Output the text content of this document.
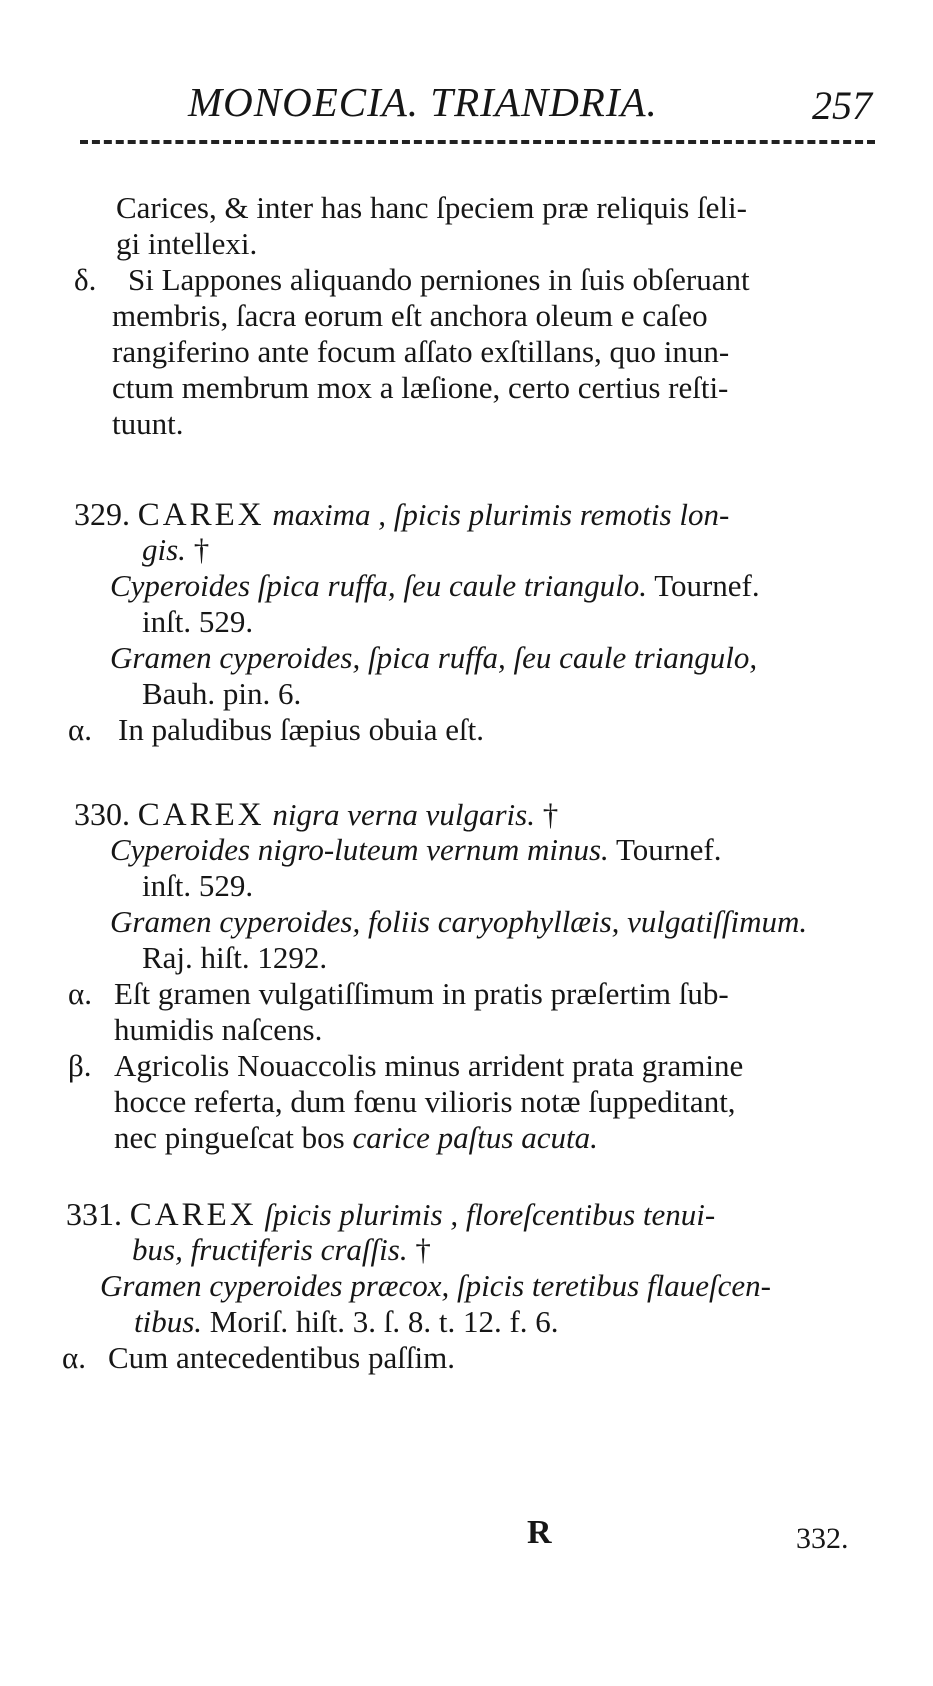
MONOECIA. TRIANDRIA.	257
Carices, & inter has hanc ſpeciem præ reliquis ſeli-
gi intellexi.
δ. Si Lappones aliquando perniones in ſuis obſeruant
membris, ſacra eorum eſt anchora oleum e caſeo
rangiferino ante focum aſſato exſtillans, quo inun-
ctum membrum mox a læſione, certo certius reſti-
tuunt.
329. CAREX maxima , ſpicis plurimis remotis lon-
gis. †
Cyperoides ſpica ruffa, ſeu caule triangulo. Tournef.
inſt. 529.
Gramen cyperoides, ſpica ruffa, ſeu caule triangulo,
Bauh. pin. 6.
α. In paludibus ſæpius obuia eſt.
330. CAREX nigra verna vulgaris. †
Cyperoides nigro-luteum vernum minus. Tournef.
inſt. 529.
Gramen cyperoides, foliis caryophyllæis, vulgatiſſimum.
Raj. hiſt. 1292.
α. Eſt gramen vulgatiſſimum in pratis præſertim ſub-
humidis naſcens.
β. Agricolis Nouaccolis minus arrident prata gramine
hocce referta, dum fœnu vilioris notæ ſuppeditant,
nec pingueſcat bos carice paſtus acuta.
331. CAREX ſpicis plurimis , floreſcentibus tenui-
bus, fructiferis craſſis. †
Gramen cyperoides præcox, ſpicis teretibus flaueſcen-
tibus. Moriſ. hiſt. 3. ſ. 8. t. 12. f. 6.
α. Cum antecedentibus paſſim.
R	332.
